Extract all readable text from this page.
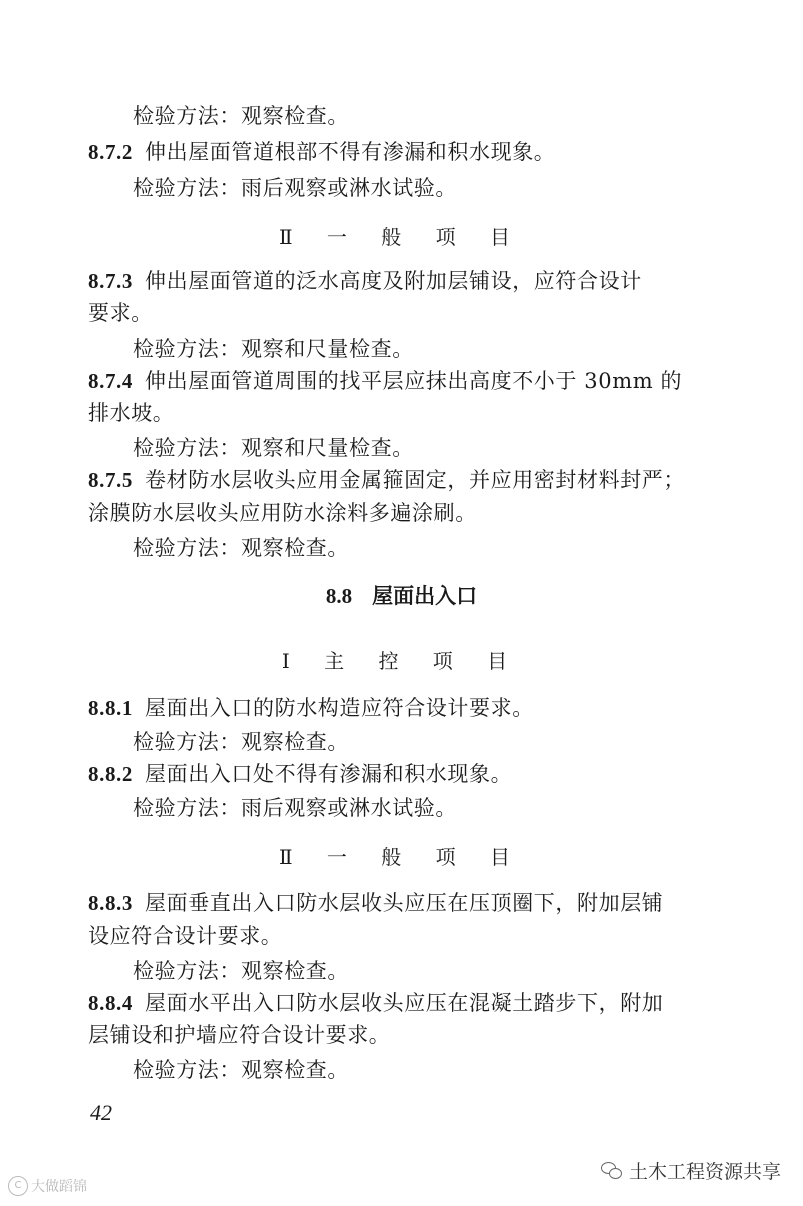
检验方法：观察检查。
8.7.2 伸出屋面管道根部不得有渗漏和积水现象。
检验方法：雨后观察或淋水试验。
Ⅱ 一 般 项 目
8.7.3 伸出屋面管道的泛水高度及附加层铺设，应符合设计
要求。
检验方法：观察和尺量检查。
8.7.4 伸出屋面管道周围的找平层应抹出高度不小于 30mm 的
排水坡。
检验方法：观察和尺量检查。
8.7.5 卷材防水层收头应用金属箍固定，并应用密封材料封严；
涂膜防水层收头应用防水涂料多遍涂刷。
检验方法：观察检查。
8.8 屋面出入口
Ⅰ 主 控 项 目
8.8.1 屋面出入口的防水构造应符合设计要求。
检验方法：观察检查。
8.8.2 屋面出入口处不得有渗漏和积水现象。
检验方法：雨后观察或淋水试验。
Ⅱ 一 般 项 目
8.8.3 屋面垂直出入口防水层收头应压在压顶圈下，附加层铺
设应符合设计要求。
检验方法：观察检查。
8.8.4 屋面水平出入口防水层收头应压在混凝土踏步下，附加
层铺设和护墙应符合设计要求。
检验方法：观察检查。
42
土木工程资源共享
C 大做蹈锦
